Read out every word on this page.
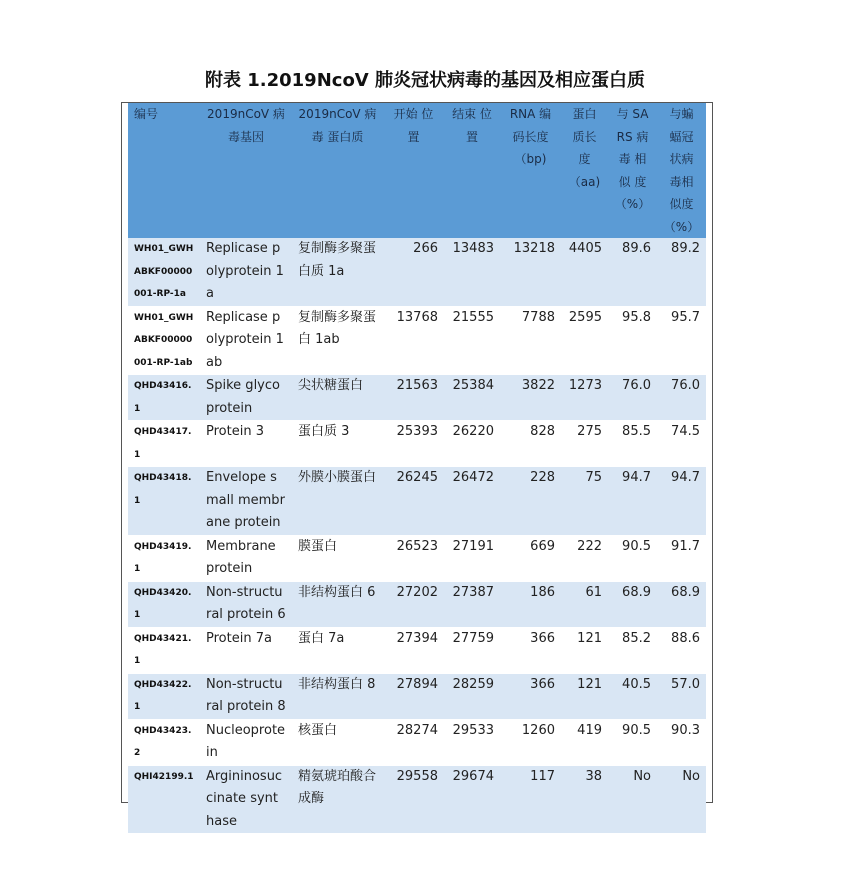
附表 1.2019NcoV 肺炎冠状病毒的基因及相应蛋白质
编号	2019nCoV 病毒基因	2019nCoV 病毒 蛋白质	开始 位置	结束 位置	RNA 编 码长度 （bp)	蛋白 质长 度 （aa)	与 SARS 病毒 相似 度 （%）	与蝙 蝠冠 状病 毒相 似度 （%）
WH01_GWHABKF00000001-RP-1a	Replicase polyprotein 1a	复制酶多聚蛋白质 1a	266	13483	13218	4405	89.6	89.2
WH01_GWHABKF00000001-RP-1ab	Replicase polyprotein 1ab	复制酶多聚蛋白 1ab	13768	21555	7788	2595	95.8	95.7
QHD43416.1	Spike glycoprotein	尖状糖蛋白	21563	25384	3822	1273	76.0	76.0
QHD43417.1	Protein 3	蛋白质 3	25393	26220	828	275	85.5	74.5
QHD43418.1	Envelope small membrane protein	外膜小膜蛋白	26245	26472	228	75	94.7	94.7
QHD43419.1	Membrane protein	膜蛋白	26523	27191	669	222	90.5	91.7
QHD43420.1	Non-structural protein 6	非结构蛋白 6	27202	27387	186	61	68.9	68.9
QHD43421.1	Protein 7a	蛋白 7a	27394	27759	366	121	85.2	88.6
QHD43422.1	Non-structural protein 8	非结构蛋白 8	27894	28259	366	121	40.5	57.0
QHD43423.2	Nucleoprotein	核蛋白	28274	29533	1260	419	90.5	90.3
QHI42199.1	Argininosuccinate synthase	精氨琥珀酸合成酶	29558	29674	117	38	No	No
